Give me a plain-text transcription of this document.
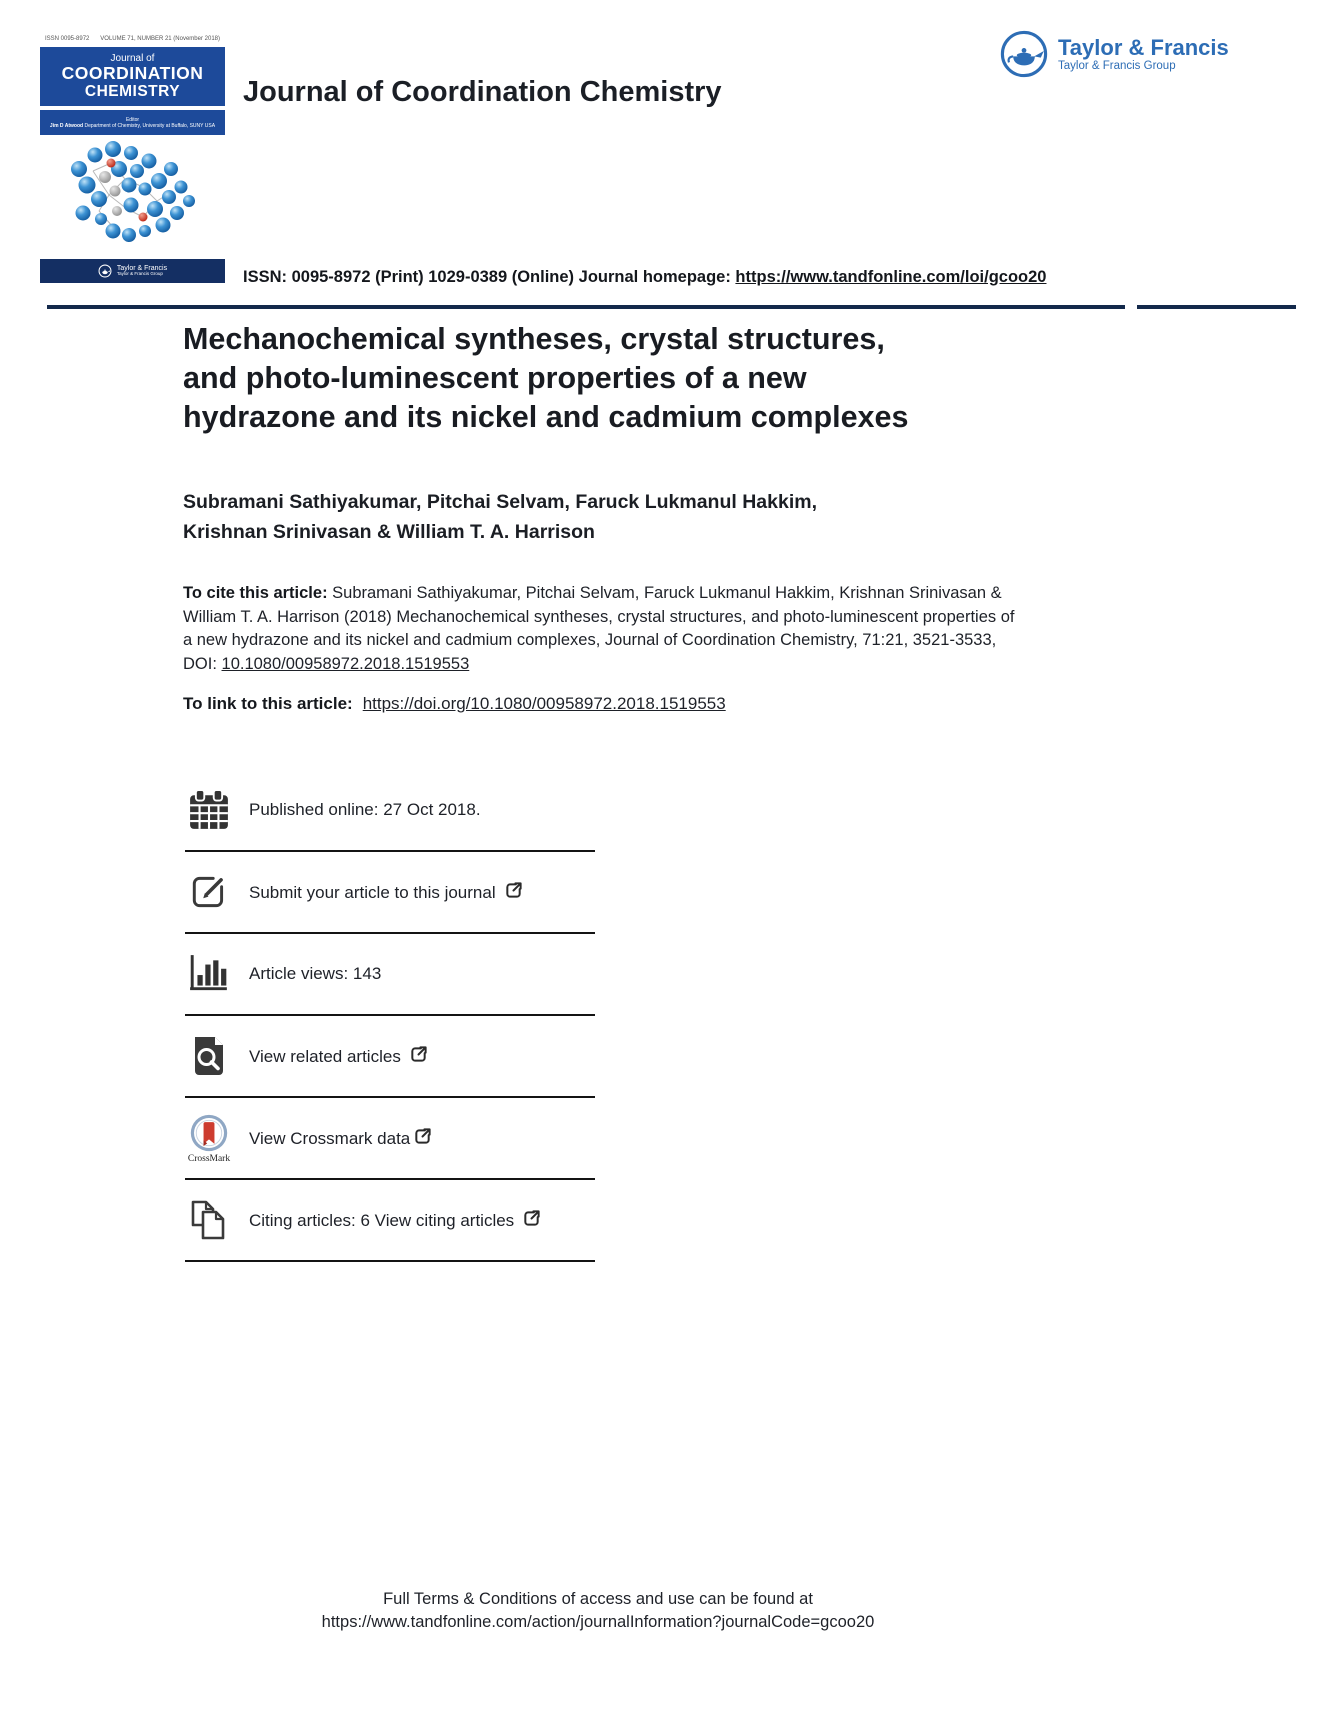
ISSN 0095-8972 VOLUME 71, NUMBER 21 (November 2018)
Journal of
COORDINATION
CHEMISTRY
Editor
Jim D Atwood Department of Chemistry, University at Buffalo, SUNY USA
Taylor & Francis
Taylor & Francis Group
Taylor & Francis
Taylor & Francis Group
Journal of Coordination Chemistry
ISSN: 0095-8972 (Print) 1029-0389 (Online) Journal homepage: https://www.tandfonline.com/loi/gcoo20
Mechanochemical syntheses, crystal structures,
and photo-luminescent properties of a new
hydrazone and its nickel and cadmium complexes
Subramani Sathiyakumar, Pitchai Selvam, Faruck Lukmanul Hakkim,
Krishnan Srinivasan & William T. A. Harrison

To cite this article: Subramani Sathiyakumar, Pitchai Selvam, Faruck Lukmanul Hakkim, Krishnan Srinivasan & William T. A. Harrison (2018) Mechanochemical syntheses, crystal structures, and photo-luminescent properties of a new hydrazone and its nickel and cadmium complexes, Journal of Coordination Chemistry, 71:21, 3521-3533, DOI: 10.1080/00958972.2018.1519553

To link to this article: https://doi.org/10.1080/00958972.2018.1519553

Published online: 27 Oct 2018.
Submit your article to this journal
Article views: 143
View related articles
CrossMark
View Crossmark data
Citing articles: 6 View citing articles
Full Terms & Conditions of access and use can be found at
https://www.tandfonline.com/action/journalInformation?journalCode=gcoo20
